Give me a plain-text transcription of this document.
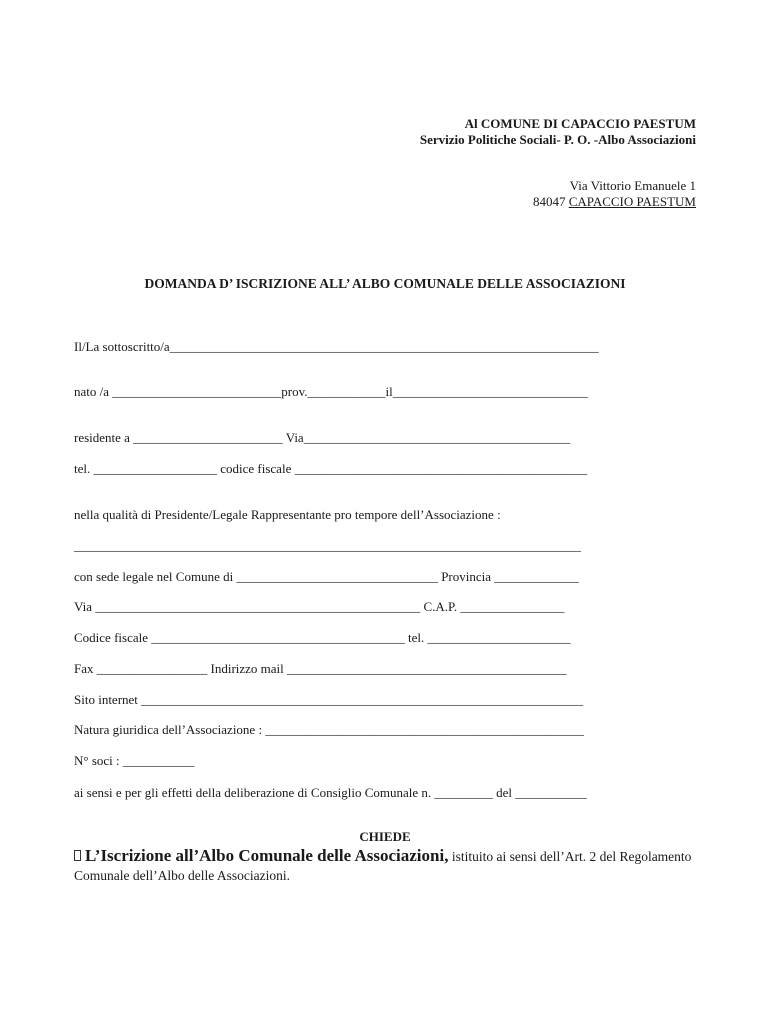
Al COMUNE DI CAPACCIO PAESTUM
Servizio Politiche Sociali- P. O. -Albo Associazioni
Via Vittorio Emanuele 1
84047 CAPACCIO PAESTUM
DOMANDA D’ ISCRIZIONE ALL’ ALBO COMUNALE DELLE ASSOCIAZIONI
Il/La sottoscritto/a__________________________________________________________________
nato /a __________________________prov.____________il______________________________
residente a _______________________ Via_________________________________________
tel. ___________________ codice fiscale _____________________________________________
nella qualità di Presidente/Legale Rappresentante pro tempore dell’Associazione :
______________________________________________________________________________
con sede legale nel Comune di _______________________________ Provincia _____________
Via __________________________________________________ C.A.P. ________________
Codice fiscale _______________________________________ tel. ______________________
Fax _________________ Indirizzo mail ___________________________________________
Sito internet ____________________________________________________________________
Natura giuridica dell’Associazione : _________________________________________________
N° soci : ___________
ai sensi e per gli effetti della deliberazione di Consiglio Comunale n. _________ del ___________
CHIEDE
L’Iscrizione all’Albo Comunale delle Associazioni, istituito ai sensi dell’Art. 2 del Regolamento Comunale dell’Albo delle Associazioni.
